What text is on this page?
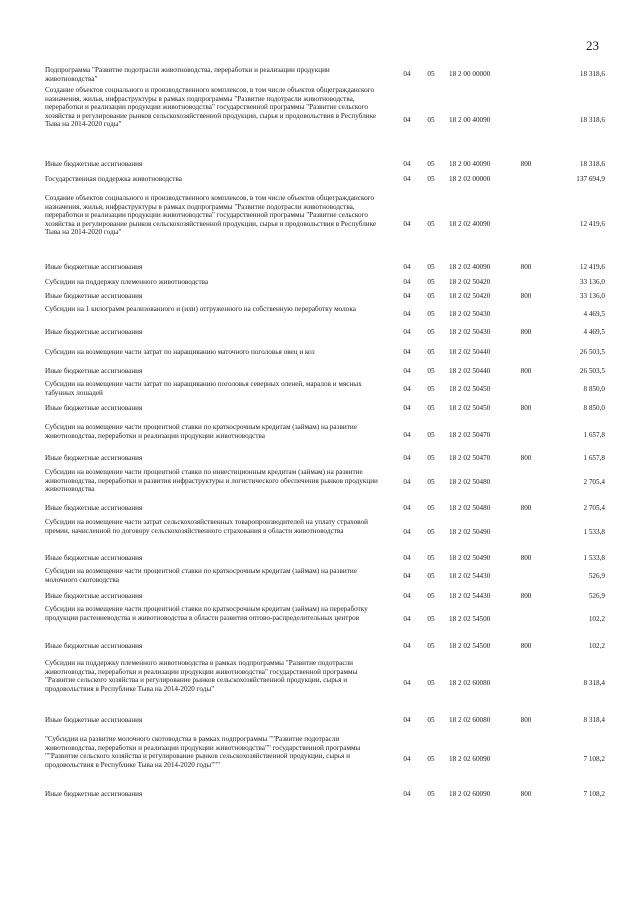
23
Подпрограмма "Развитие подотрасли животноводства, переработки и реализации продукции животноводства"
04	05	18 2 00 00000	18 318,6
Создание объектов социального и производственного комплексов, в том числе объектов общегражданского назначения, жилья, инфраструктуры в рамках подпрограммы "Развитие подотрасли животноводства, переработки и реализации продукции животноводства" государственной программы "Развитие сельского хозяйства и регулирование рынков сельскохозяйственной продукции, сырья и продовольствия в Республике Тыва на 2014-2020 годы"	04	05	18 2 00 40090	18 318,6
Иные бюджетные ассигнования	04	05	18 2 00 40090	800	18 318,6
Государственная поддержка животноводства	04	05	18 2 02 00000	137 694,9
Создание объектов социального и производственного комплексов, в том числе объектов общегражданского назначения, жилья, инфраструктуры в рамках подпрограммы "Развитие подотрасли животноводства, переработки и реализации продукции животноводства" государственной программы "Развитие сельского хозяйства и регулирование рынков сельскохозяйственной продукции, сырья и продовольствия в Республике Тыва на 2014-2020 годы"
04	05	18 2 02 40090	12 419,6
Иные бюджетные ассигнования	04	05	18 2 02 40090	800	12 419,6
Субсидии на поддержку племенного животноводства	04	05	18 2 02 50420	33 136,0
Иные бюджетные ассигнования	04	05	18 2 02 50420	800	33 136,0
Субсидии на 1 килограмм реализованного и (или) отгруженного на собственную переработку молока
04	05	18 2 02 50430	4 469,5
Иные бюджетные ассигнования	04	05	18 2 02 50430	800	4 469,5
Субсидии на возмещение части затрат по наращиванию маточного поголовья овец и коз	04	05	18 2 02 50440	26 503,5
Иные бюджетные ассигнования	04	05	18 2 02 50440	800	26 503,5
Субсидии на возмещение части затрат по наращиванию поголовья северных оленей, маралов и мясных табунных лошадей	04	05	18 2 02 50450	8 850,0
Иные бюджетные ассигнования	04	05	18 2 02 50450	800	8 850,0
Субсидии на возмещение части процентной ставки по краткосрочным кредитам (займам) на развитие животноводства, переработки и реализации продукции животноводства	04	05	18 2 02 50470	1 657,8
Иные бюджетные ассигнования	04	05	18 2 02 50470	800	1 657,8
Субсидии на возмещение части процентной ставки по инвестиционным кредитам (займам) на развитие животноводства, переработки и развития инфраструктуры и логистического обеспечения рынков продукции животноводства
04	05	18 2 02 50480	2 705,4
Иные бюджетные ассигнования	04	05	18 2 02 50480	800	2 705,4
Субсидии на возмещение части затрат сельскохозяйственных товаропроизводителей на уплату страховой премии, начисленной по договору сельскохозяйственного страхования в области животноводства	04	05	18 2 02 50490	1 533,8
Иные бюджетные ассигнования	04	05	18 2 02 50490	800	1 533,8
Субсидии на возмещение части процентной ставки по краткосрочным кредитам (займам) на развитие молочного скотоводства	04	05	18 2 02 54430	526,9
Иные бюджетные ассигнования	04	05	18 2 02 54430	800	526,9
Субсидии на возмещение части процентной ставки по краткосрочным кредитам (займам) на переработку продукции растениеводства и животноводства в области развития оптово-распределительных центров	04	05	18 2 02 54500	102,2
Иные бюджетные ассигнования	04	05	18 2 02 54500	800	102,2
Субсидии на поддержку племенного животноводства в рамках подпрограммы "Развитие подотрасли животноводства, переработки и реализации продукции животноводства" государственной программы "Развитие сельского хозяйства и регулирование рынков сельскохозяйственной продукции, сырья и продовольствия в Республике Тыва на 2014-2020 годы"
04	05	18 2 02 60080	8 318,4
Иные бюджетные ассигнования	04	05	18 2 02 60080	800	8 318,4
"Субсидии на развитие молочного скотоводства в рамках подпрограммы ""Развитие подотрасли животноводства, переработки и реализации продукции животноводства"" государственной программы ""Развитие сельского хозяйства и регулирование рынков сельскохозяйственной продукции, сырья и продовольствия в Республике Тыва на 2014-2020 годы"""
04	05	18 2 02 60090	7 108,2
Иные бюджетные ассигнования	04	05	18 2 02 60090	800	7 108,2
